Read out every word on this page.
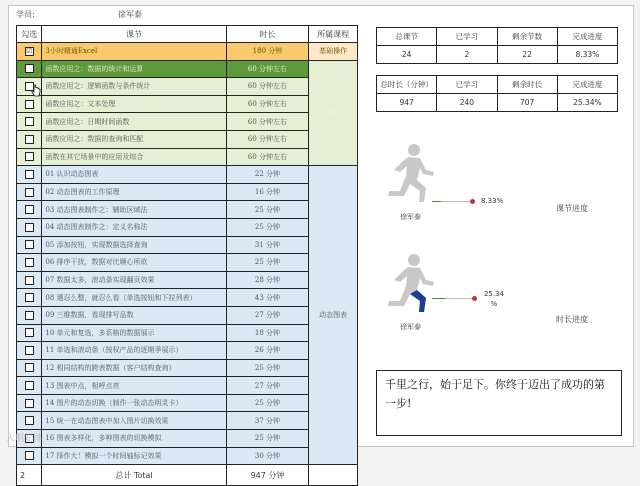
学员:	徐军泰
勾选	课节	时长	所属课程
☑	3小时精通Excel	180 分钟	基础操作
☑	函数应用之：数据的统计和运算	60 分钟左右	函数
	函数应用之：逻辑函数与条件统计	60 分钟左右	
	函数应用之：文本处理	60 分钟左右	
	函数应用之：日期时间函数	60 分钟左右	
	函数应用之：数据的查询和匹配	60 分钟左右	
	函数在其它场景中的应用及综合	60 分钟左右	
	01 认识动态图表	22 分钟	动态图表
	02 动态图表的工作原理	16 分钟	
	03 动态图表制作之：辅助区域法	25 分钟	
	04 动态图表制作之：定义名称法	25 分钟	
	05 添加按钮，实现数据选择查询	31 分钟	
	06 排序干扰，数据对比顺心所欲	25 分钟	
	07 数据太多，滚动条实现翻页效果	28 分钟	
	08 選忍么整，就忍么看（单选按钮和下拉列表）	43 分钟	
	09 三维数据，看现排写品数	27 分钟	
	10 单元和复选，多系格的数据展示	18 分钟	
	11 单选和滚动条（按权产品的逐期季展示）	26 分钟	
	12 相同结构的跨表数据（客户结构查询）	25 分钟	
	13 图表中点，相呼点亮	27 分钟	
	14 图片的动态切换（制作一张动态明灵卡）	25 分钟	
	15 统一在动态图表中加入图片切换效果	37 分钟	
	16 图表多样化，多种图表的切换模拟	25 分钟	
	17 择作大！模拟一个时间轴标记效果	30 分钟	
2	总计 Total	947 分钟	
总课节	已学习	剩余节数	完成进度
24	2	22	8.33%
总时长（分钟）	已学习	剩余时长	完成进度
947	240	707	25.34%
8.33%
徐军泰
课节进度
25.34 %
徐军泰
时长进度
千里之行，始于足下。你终于迈出了成功的第一步!
入职安排
